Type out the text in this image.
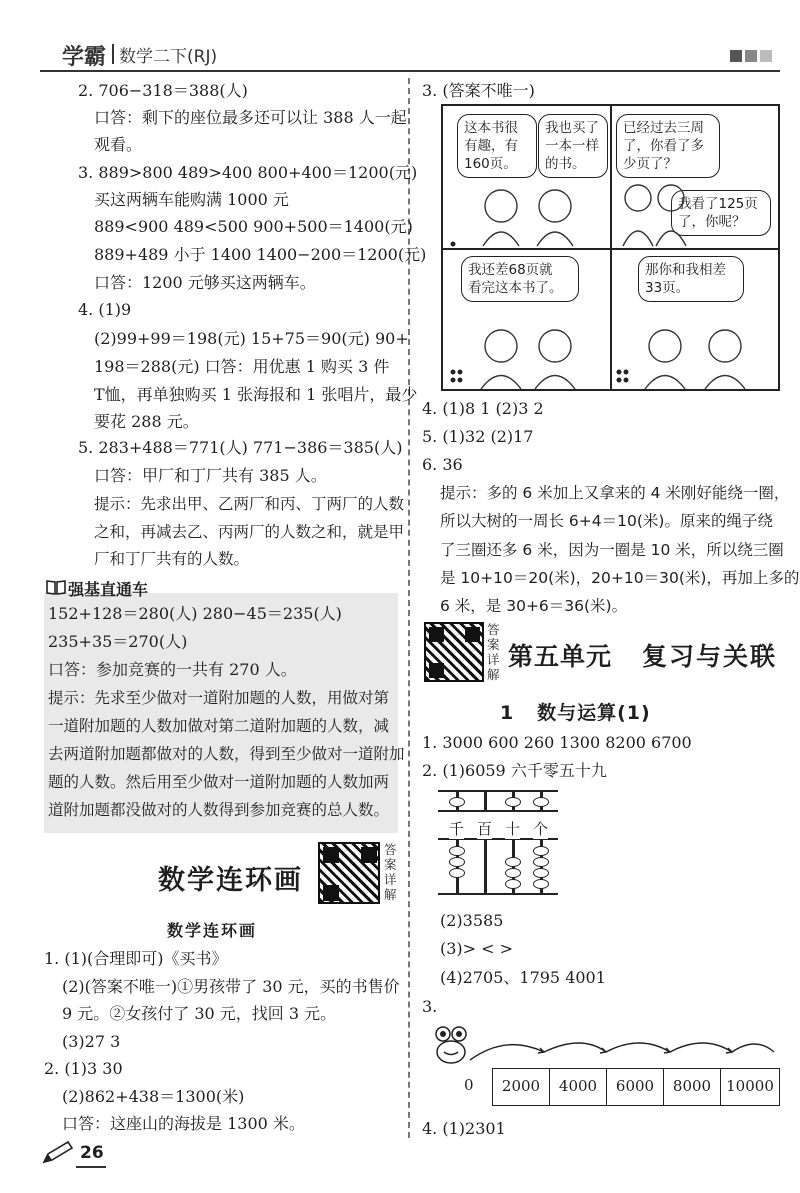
学霸 数学二下(RJ)
2. 706−318＝388(人)
口答：剩下的座位最多还可以让 388 人一起
观看。
3. 889>800 489>400 800+400＝1200(元)
买这两辆车能购满 1000 元
889<900 489<500 900+500＝1400(元)
889+489 小于 1400 1400−200＝1200(元)
口答：1200 元够买这两辆车。
4. (1)9
(2)99+99＝198(元) 15+75＝90(元) 90+
198＝288(元) 口答：用优惠 1 购买 3 件
T恤，再单独购买 1 张海报和 1 张唱片，最少
要花 288 元。
5. 283+488＝771(人) 771−386＝385(人)
口答：甲厂和丁厂共有 385 人。
提示：先求出甲、乙两厂和丙、丁两厂的人数
之和，再减去乙、丙两厂的人数之和，就是甲
厂和丁厂共有的人数。
强基直通车
152+128＝280(人) 280−45＝235(人)
235+35＝270(人)
口答：参加竞赛的一共有 270 人。
提示：先求至少做对一道附加题的人数，用做对第
一道附加题的人数加做对第二道附加题的人数，减
去两道附加题都做对的人数，得到至少做对一道附加
题的人数。然后用至少做对一道附加题的人数加两
道附加题都没做对的人数得到参加竞赛的总人数。
数学连环画
答案详解
数学连环画
1. (1)(合理即可)《买书》
(2)(答案不唯一)①男孩带了 30 元，买的书售价
9 元。②女孩付了 30 元，找回 3 元。
(3)27 3
2. (1)3 30
(2)862+438＝1300(米)
口答：这座山的海拔是 1300 米。
26
3. (答案不唯一)
这本书很
有趣，有
160页。
我也买了
一本一样
的书。
已经过去三周
了，你看了多
少页了？
我看了125页
了，你呢？
我还差68页就
看完这本书了。
那你和我相差
33页。
4. (1)8 1 (2)3 2
5. (1)32 (2)17
6. 36
提示：多的 6 米加上又拿来的 4 米刚好能绕一圈，
所以大树的一周长 6+4＝10(米)。原来的绳子绕
了三圈还多 6 米，因为一圈是 10 米，所以绕三圈
是 10+10＝20(米)，20+10＝30(米)，再加上多的
6 米，是 30+6＝36(米)。
答案详解
第五单元 复习与关联
1   数与运算(1)
1. 3000 600 260 1300 8200 6700
2. (1)6059 六千零五十九
千 百 十 个
(2)3585
(3)> < >
(4)2705、1795 4001
3.
0	2000	4000	6000	8000	10000
4. (1)2301
